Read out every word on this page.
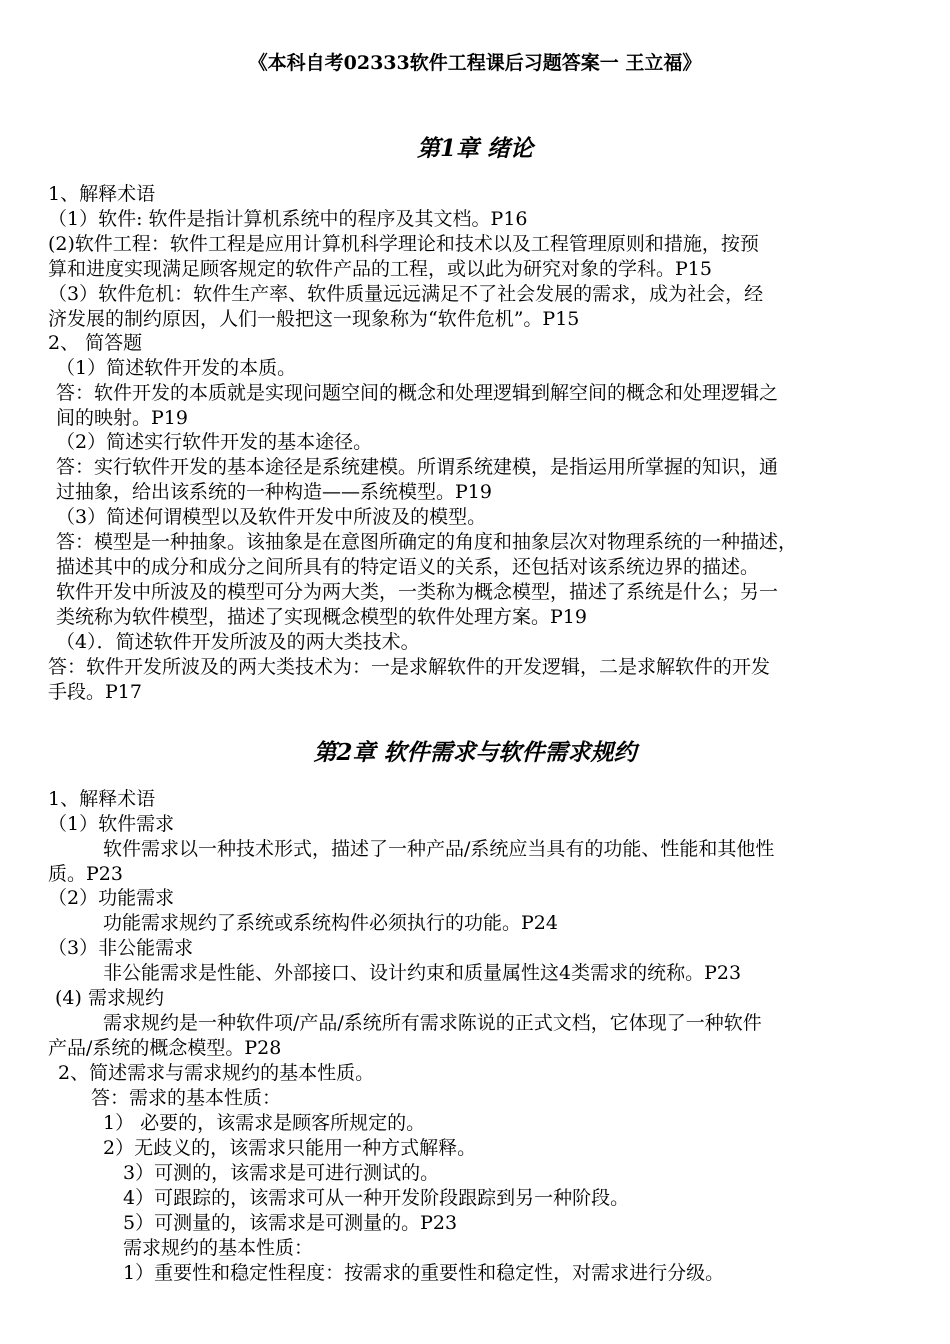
《本科自考02333软件工程课后习题答案一 王立福》
第1章 绪论
1、解释术语
（1）软件: 软件是指计算机系统中的程序及其文档。P16
(2)软件工程：软件工程是应用计算机科学理论和技术以及工程管理原则和措施，按预
算和进度实现满足顾客规定的软件产品的工程，或以此为研究对象的学科。P15
（3）软件危机：软件生产率、软件质量远远满足不了社会发展的需求，成为社会，经
济发展的制约原因，人们一般把这一现象称为“软件危机”。P15
2、 简答题
（1）简述软件开发的本质。
答：软件开发的本质就是实现问题空间的概念和处理逻辑到解空间的概念和处理逻辑之
间的映射。P19
（2）简述实行软件开发的基本途径。
答：实行软件开发的基本途径是系统建模。所谓系统建模，是指运用所掌握的知识，通
过抽象，给出该系统的一种构造——系统模型。P19
（3）简述何谓模型以及软件开发中所波及的模型。
答：模型是一种抽象。该抽象是在意图所确定的角度和抽象层次对物理系统的一种描述，
描述其中的成分和成分之间所具有的特定语义的关系，还包括对该系统边界的描述。
软件开发中所波及的模型可分为两大类，一类称为概念模型，描述了系统是什么；另一
类统称为软件模型，描述了实现概念模型的软件处理方案。P19
（4）．简述软件开发所波及的两大类技术。
答：软件开发所波及的两大类技术为：一是求解软件的开发逻辑，二是求解软件的开发
手段。P17
第2章 软件需求与软件需求规约
1、解释术语
（1）软件需求
软件需求以一种技术形式，描述了一种产品/系统应当具有的功能、性能和其他性
质。P23
（2）功能需求
功能需求规约了系统或系统构件必须执行的功能。P24
（3）非公能需求
非公能需求是性能、外部接口、设计约束和质量属性这4类需求的统称。P23
(4) 需求规约
需求规约是一种软件项/产品/系统所有需求陈说的正式文档，它体现了一种软件
产品/系统的概念模型。P28
2、简述需求与需求规约的基本性质。
答：需求的基本性质：
1） 必要的，该需求是顾客所规定的。
2）无歧义的，该需求只能用一种方式解释。
3）可测的，该需求是可进行测试的。
4）可跟踪的，该需求可从一种开发阶段跟踪到另一种阶段。
5）可测量的，该需求是可测量的。P23
需求规约的基本性质：
1）重要性和稳定性程度：按需求的重要性和稳定性，对需求进行分级。
